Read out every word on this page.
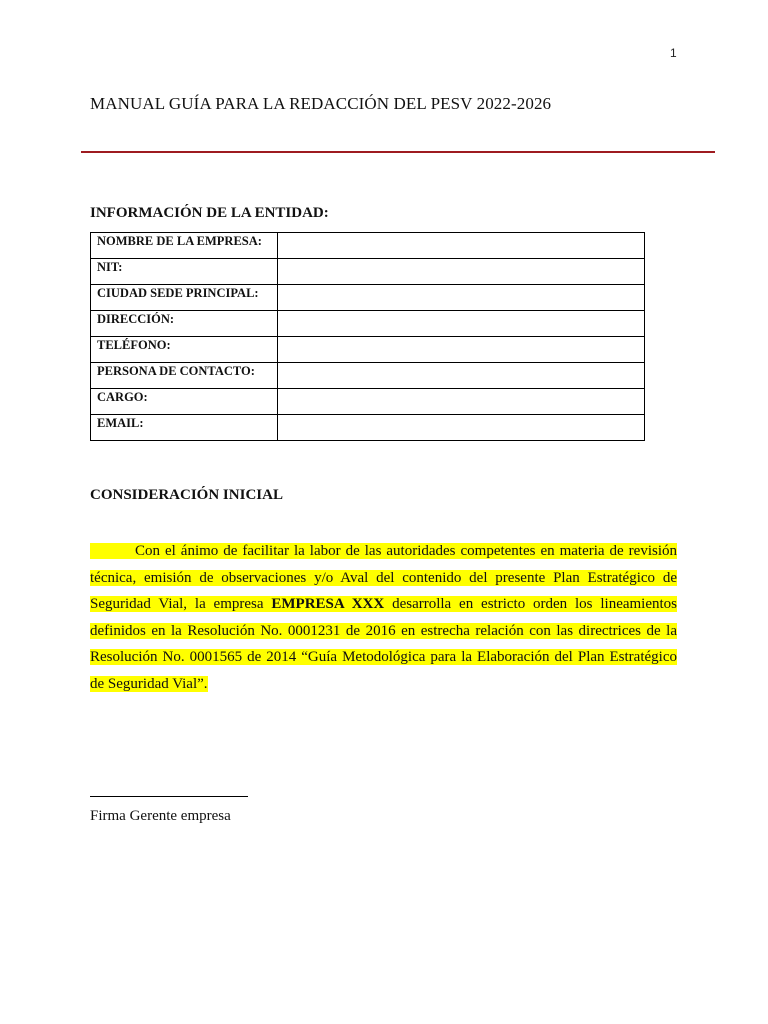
1
MANUAL GUÍA PARA LA REDACCIÓN DEL PESV 2022-2026
INFORMACIÓN DE LA ENTIDAD:
NOMBRE DE LA EMPRESA:	
NIT:	
CIUDAD SEDE PRINCIPAL:	
DIRECCIÓN:	
TELÉFONO:	
PERSONA DE CONTACTO:	
CARGO:	
EMAIL:	
CONSIDERACIÓN INICIAL

Con el ánimo de facilitar la labor de las autoridades competentes en materia de revisión técnica, emisión de observaciones y/o Aval del contenido del presente Plan Estratégico de Seguridad Vial, la empresa EMPRESA XXX desarrolla en estricto orden los lineamientos definidos en la Resolución No. 0001231 de 2016 en estrecha relación con las directrices de la Resolución No. 0001565 de 2014 “Guía Metodológica para la Elaboración del Plan Estratégico de Seguridad Vial”.

Firma Gerente empresa
